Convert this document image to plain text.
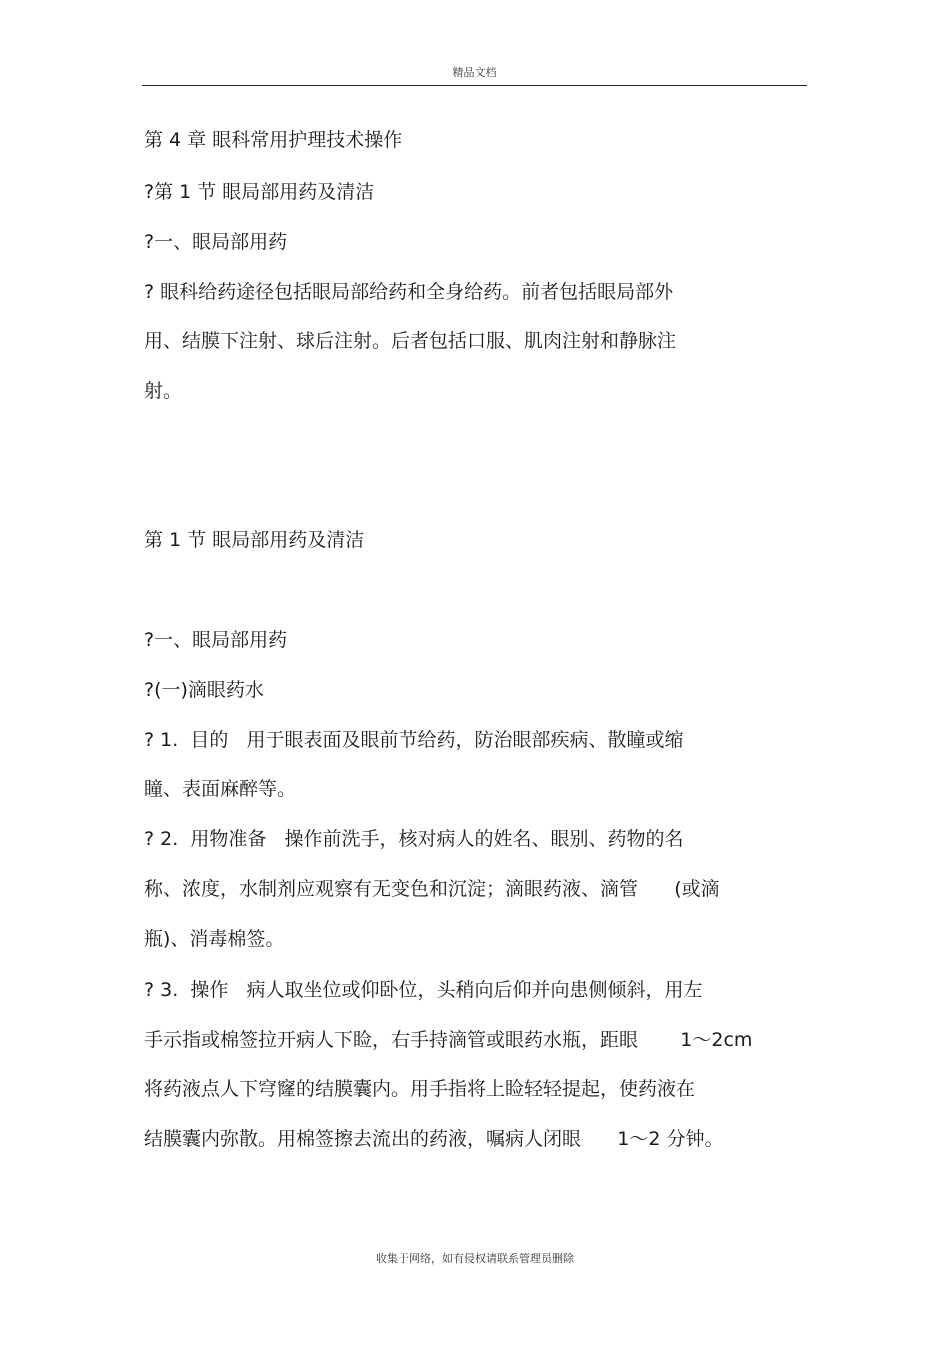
精品文档
第 4 章 眼科常用护理技术操作
?第 1 节 眼局部用药及清洁
?一、眼局部用药
? 眼科给药途径包括眼局部给药和全身给药。前者包括眼局部外
用、结膜下注射、球后注射。后者包括口服、肌肉注射和静脉注
射。
第 1 节 眼局部用药及清洁
?一、眼局部用药
?(一)滴眼药水
? 1.  目的   用于眼表面及眼前节给药，防治眼部疾病、散瞳或缩
瞳、表面麻醉等。
? 2.  用物准备   操作前洗手，核对病人的姓名、眼别、药物的名
称、浓度，水制剂应观察有无变色和沉淀；滴眼药液、滴管      (或滴
瓶)、消毒棉签。
? 3.  操作   病人取坐位或仰卧位，头稍向后仰并向患侧倾斜，用左
手示指或棉签拉开病人下睑，右手持滴管或眼药水瓶，距眼       1～2cm
将药液点人下穹窿的结膜囊内。用手指将上睑轻轻提起，使药液在
结膜囊内弥散。用棉签擦去流出的药液，嘱病人闭眼      1～2 分钟。
收集于网络，如有侵权请联系管理员删除
